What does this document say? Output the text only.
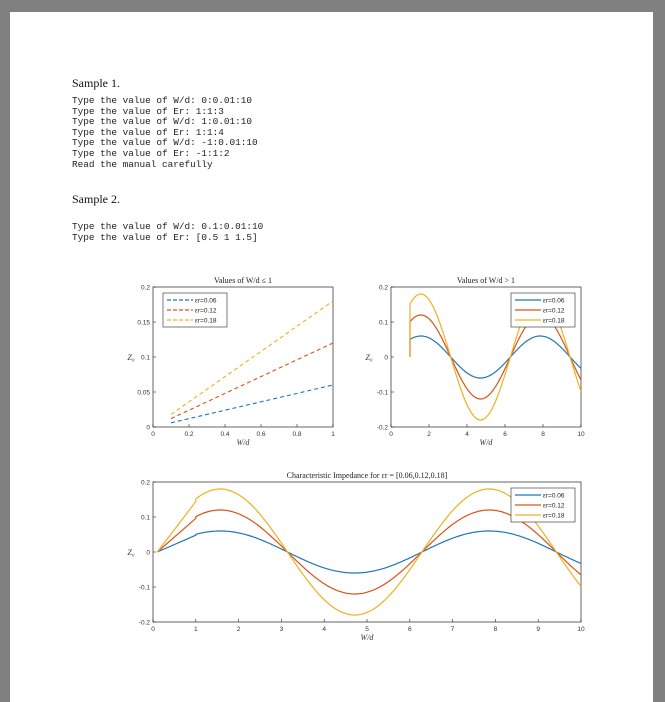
Sample 1.
Type the value of W/d: 0:0.01:10
Type the value of Er: 1:1:3
Type the value of W/d: 1:0.01:10
Type the value of Er: 1:1:4
Type the value of W/d: -1:0.01:10
Type the value of Er: -1:1:2
Read the manual carefully
Sample 2.
Type the value of W/d: 0.1:0.01:10
Type the value of Er: [0.5 1 1.5]
0	0.2	0.4	0.6	0.8	1
0
0.05
0.1
0.15
0.2
Values of W/d ≤ 1
W/d
Z₀
εr=0.06
εr=0.12
εr=0.18
0	2	4	6	8	10
-0.2
-0.1
0
0.1
0.2
Values of W/d > 1
W/d
Z₀
εr=0.06
εr=0.12
εr=0.18
0	1	2	3	4	5	6	7	8	9	10
-0.2
-0.1
0
0.1
0.2
Characteristic Impedance for εr = [0.06,0.12,0.18]
W/d
Z₀
εr=0.06
εr=0.12
εr=0.18
